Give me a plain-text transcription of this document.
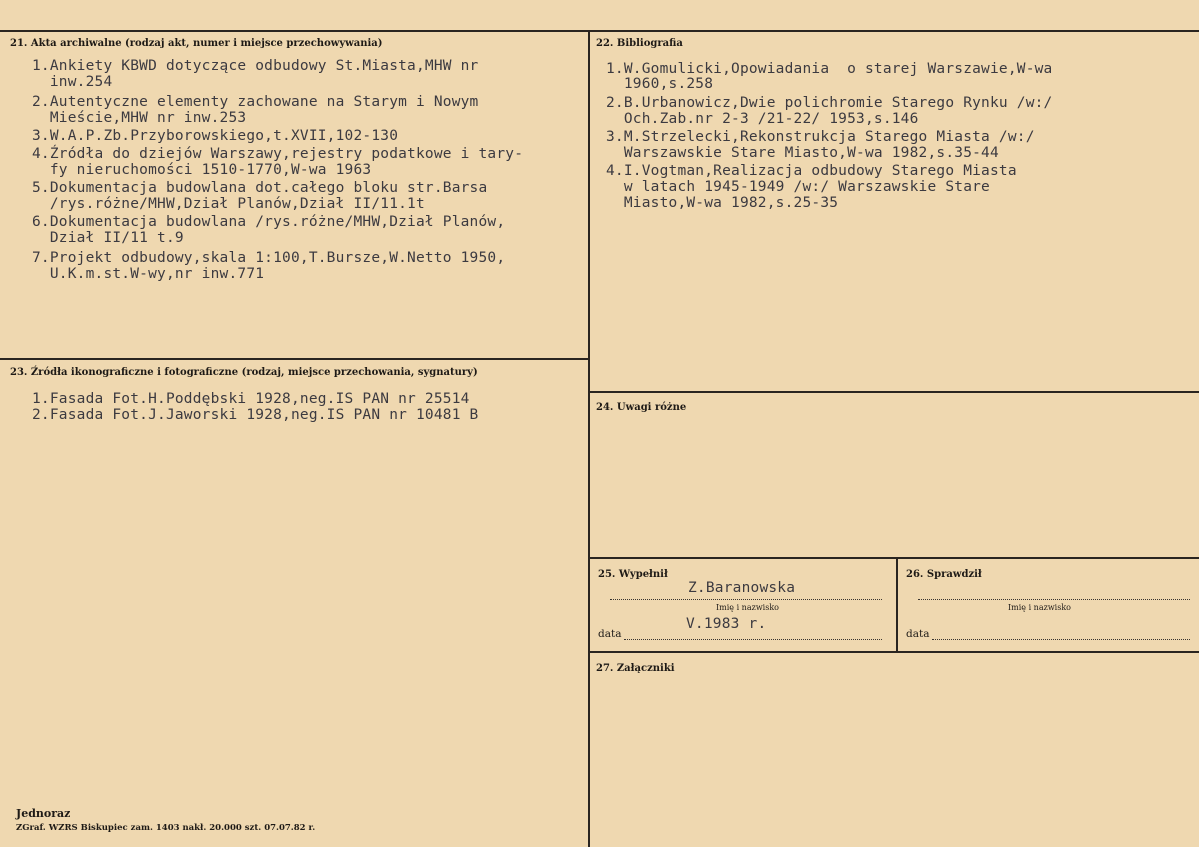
21. Akta archiwalne (rodzaj akt, numer i miejsce przechowywania)
1.Ankiety KBWD dotyczące odbudowy St.Miasta,MHW nr
inw.254
2.Autentyczne elementy zachowane na Starym i Nowym
Mieście,MHW nr inw.253
3.W.A.P.Zb.Przyborowskiego,t.XVII,102-130
4.Źródła do dziejów Warszawy,rejestry podatkowe i tary-
fy nieruchomości 1510-1770,W-wa 1963
5.Dokumentacja budowlana dot.całego bloku str.Barsa
/rys.różne/MHW,Dział Planów,Dział II/11.1t
6.Dokumentacja budowlana /rys.różne/MHW,Dział Planów,
Dział II/11 t.9
7.Projekt odbudowy,skala 1:100,T.Bursze,W.Netto 1950,
U.K.m.st.W-wy,nr inw.771
22. Bibliografia
1.W.Gomulicki,Opowiadania  o starej Warszawie,W-wa
1960,s.258
2.B.Urbanowicz,Dwie polichromie Starego Rynku /w:/
Och.Zab.nr 2-3 /21-22/ 1953,s.146
3.M.Strzelecki,Rekonstrukcja Starego Miasta /w:/
Warszawskie Stare Miasto,W-wa 1982,s.35-44
4.I.Vogtman,Realizacja odbudowy Starego Miasta
w latach 1945-1949 /w:/ Warszawskie Stare
Miasto,W-wa 1982,s.25-35
23. Źródła ikonograficzne i fotograficzne (rodzaj, miejsce przechowania, sygnatury)
1.Fasada Fot.H.Poddębski 1928,neg.IS PAN nr 25514
2.Fasada Fot.J.Jaworski 1928,neg.IS PAN nr 10481 B	24. Uwagi różne
25. Wypełnił
Z.Baranowska
Imię i nazwisko
V.1983 r.
data
26. Sprawdził
Imię i nazwisko
data
27. Załączniki
Jednoraz
ZGraf. WZRS Biskupiec zam. 1403 nakł. 20.000 szt. 07.07.82 r.
